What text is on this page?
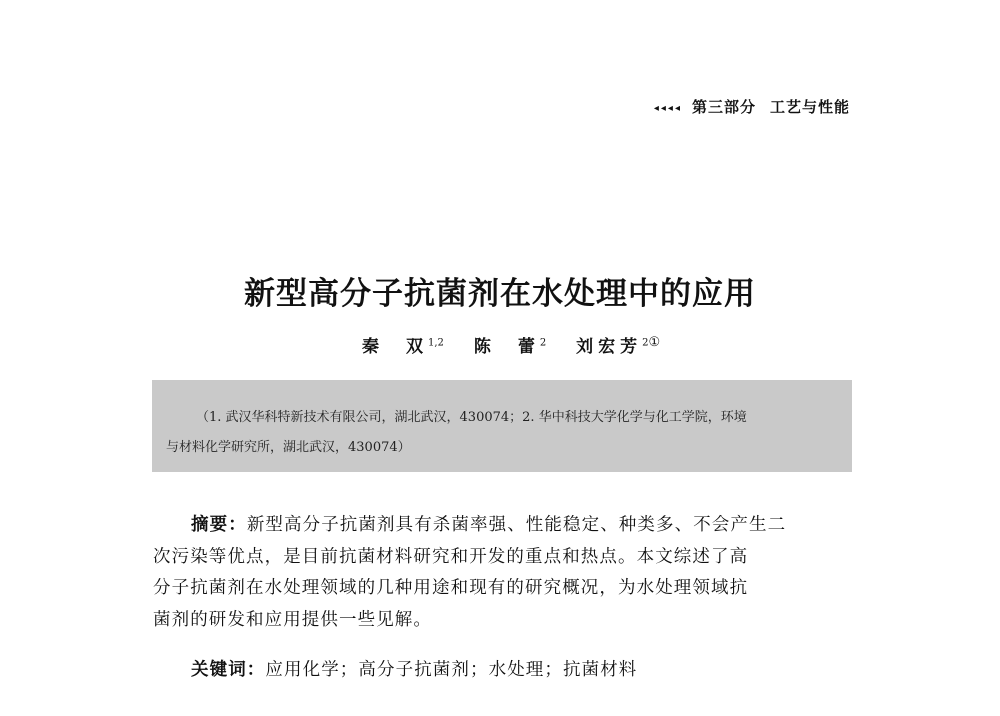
◂◂◂◂ 第三部分 工艺与性能
新型高分子抗菌剂在水处理中的应用
秦　双$^{1,2}$ 陈　蕾$^2$ 刘宏芳$^{2①}$
（1. 武汉华科特新技术有限公司，湖北武汉，430074；2. 华中科技大学化学与化工学院，环境
与材料化学研究所，湖北武汉，430074）
摘要：新型高分子抗菌剂具有杀菌率强、性能稳定、种类多、不会产生二
次污染等优点，是目前抗菌材料研究和开发的重点和热点。本文综述了高
分子抗菌剂在水处理领域的几种用途和现有的研究概况，为水处理领域抗
菌剂的研发和应用提供一些见解。
关键词：应用化学；高分子抗菌剂；水处理；抗菌材料
